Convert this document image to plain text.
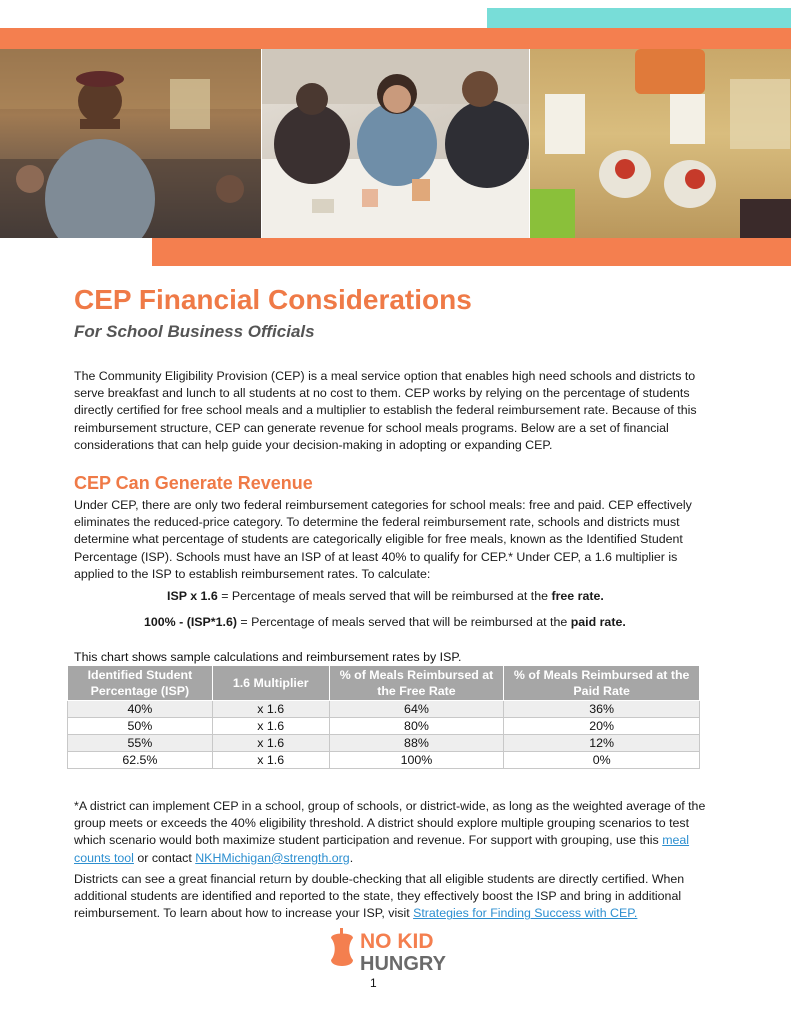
CEP Financial Considerations
For School Business Officials
The Community Eligibility Provision (CEP) is a meal service option that enables high need schools and districts to serve breakfast and lunch to all students at no cost to them. CEP works by relying on the percentage of students directly certified for free school meals and a multiplier to establish the federal reimbursement rate. Because of this reimbursement structure, CEP can generate revenue for school meals programs. Below are a set of financial considerations that can help guide your decision-making in adopting or expanding CEP.
CEP Can Generate Revenue
Under CEP, there are only two federal reimbursement categories for school meals: free and paid. CEP effectively eliminates the reduced-price category. To determine the federal reimbursement rate, schools and districts must determine what percentage of students are categorically eligible for free meals, known as the Identified Student Percentage (ISP). Schools must have an ISP of at least 40% to qualify for CEP.* Under CEP, a 1.6 multiplier is applied to the ISP to establish reimbursement rates. To calculate:
ISP x 1.6 = Percentage of meals served that will be reimbursed at the free rate.
100% - (ISP*1.6) = Percentage of meals served that will be reimbursed at the paid rate.
This chart shows sample calculations and reimbursement rates by ISP.
Identified Student Percentage (ISP)	1.6 Multiplier	% of Meals Reimbursed at the Free Rate	% of Meals Reimbursed at the Paid Rate
40%	x 1.6	64%	36%
50%	x 1.6	80%	20%
55%	x 1.6	88%	12%
62.5%	x 1.6	100%	0%
*A district can implement CEP in a school, group of schools, or district-wide, as long as the weighted average of the group meets or exceeds the 40% eligibility threshold. A district should explore multiple grouping scenarios to test which scenario would both maximize student participation and revenue. For support with grouping, use this meal counts tool or contact NKHMichigan@strength.org.
Districts can see a great financial return by double-checking that all eligible students are directly certified. When additional students are identified and reported to the state, they effectively boost the ISP and bring in additional reimbursement. To learn about how to increase your ISP, visit Strategies for Finding Success with CEP.
NO KID
HUNGRY
1
